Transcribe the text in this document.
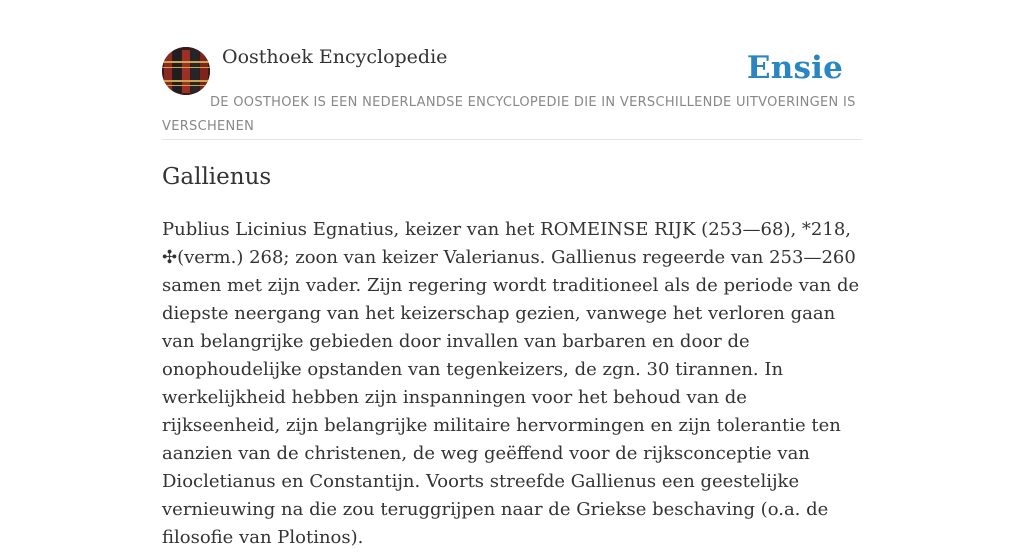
Oosthoek Encyclopedie	Ensie
DE OOSTHOEK IS EEN NEDERLANDSE ENCYCLOPEDIE DIE IN VERSCHILLENDE UITVOERINGEN IS VERSCHENEN
Gallienus

Publius Licinius Egnatius, keizer van het ROMEINSE RIJK (253—68), *218, ✣(verm.) 268; zoon van keizer Valerianus. Gallienus regeerde van 253—260 samen met zijn vader. Zijn regering wordt traditioneel als de periode van de diepste neergang van het keizerschap gezien, vanwege het verloren gaan van belangrijke gebieden door invallen van barbaren en door de onophoudelijke opstanden van tegenkeizers, de zgn. 30 tirannen. In werkelijkheid hebben zijn inspanningen voor het behoud van de rijkseenheid, zijn belangrijke militaire hervormingen en zijn tolerantie ten aanzien van de christenen, de weg geëffend voor de rijksconceptie van Diocletianus en Constantijn. Voorts streefde Gallienus een geestelijke vernieuwing na die zou teruggrijpen naar de Griekse beschaving (o.a. de filosofie van Plotinos).
